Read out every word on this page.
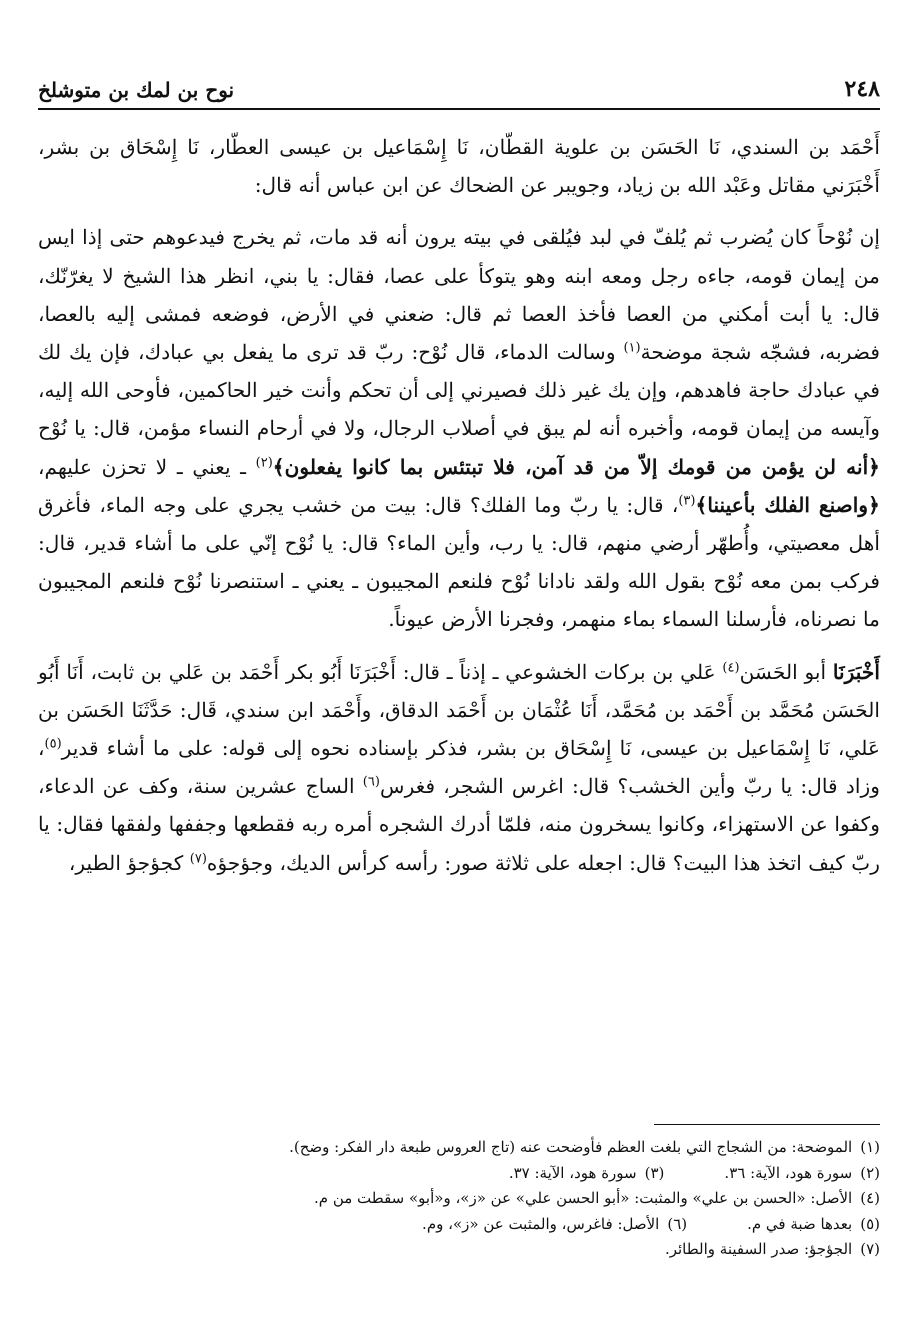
٢٤٨
نوح بن لمك بن متوشلخ
أَحْمَد بن السندي، نَا الحَسَن بن علوية القطّان، نَا إِسْمَاعيل بن عيسى العطّار، نَا إِسْحَاق بن بشر، أَخْبَرَني مقاتل وعَبْد الله بن زياد، وجويبر عن الضحاك عن ابن عباس أنه قال:
إن نُوْحاً كان يُضرب ثم يُلفّ في لبد فيُلقى في بيته يرون أنه قد مات، ثم يخرج فيدعوهم حتى إذا ايس من إيمان قومه، جاءه رجل ومعه ابنه وهو يتوكأ على عصا، فقال: يا بني، انظر هذا الشيخ لا يغرّنّك، قال: يا أبت أمكني من العصا فأخذ العصا ثم قال: ضعني في الأرض، فوضعه فمشى إليه بالعصا، فضربه، فشجّه شجة موضحة$^{(١)}$ وسالت الدماء، قال نُوْح: ربّ قد ترى ما يفعل بي عبادك، فإن يك لك في عبادك حاجة فاهدهم، وإن يك غير ذلك فصيرني إلى أن تحكم وأنت خير الحاكمين، فأوحى الله إليه، وآيسه من إيمان قومه، وأخبره أنه لم يبق في أصلاب الرجال، ولا في أرحام النساء مؤمن، قال: يا نُوْح ﴿أنه لن يؤمن من قومك إلاّ من قد آمن، فلا تبتئس بما كانوا يفعلون﴾$^{(٢)}$ ـ يعني ـ لا تحزن عليهم، ﴿واصنع الفلك بأعيننا﴾$^{(٣)}$، قال: يا ربّ وما الفلك؟ قال: بيت من خشب يجري على وجه الماء، فأغرق أهل معصيتي، وأُطهّر أرضي منهم، قال: يا رب، وأين الماء؟ قال: يا نُوْح إنّي على ما أشاء قدير، قال: فركب بمن معه نُوْح بقول الله ولقد نادانا نُوْح فلنعم المجيبون ـ يعني ـ استنصرنا نُوْح فلنعم المجيبون ما نصرناه، فأرسلنا السماء بماء منهمر، وفجرنا الأرض عيوناً.
أَخْبَرَنَا أبو الحَسَن$^{(٤)}$ عَلي بن بركات الخشوعي ـ إذناً ـ قال: أَخْبَرَنَا أَبُو بكر أَحْمَد بن عَلي بن ثابت، أَنَا أَبُو الحَسَن مُحَمَّد بن أَحْمَد بن مُحَمَّد، أَنَا عُثْمَان بن أَحْمَد الدقاق، وأَحْمَد ابن سندي، قَال: حَدَّثَنَا الحَسَن بن عَلي، نَا إِسْمَاعيل بن عيسى، نَا إِسْحَاق بن بشر، فذكر بإسناده نحوه إلى قوله: على ما أشاء قدير$^{(٥)}$، وزاد قال: يا ربّ وأين الخشب؟ قال: اغرس الشجر، فغرس$^{(٦)}$ الساج عشرين سنة، وكف عن الدعاء، وكفوا عن الاستهزاء، وكانوا يسخرون منه، فلمّا أدرك الشجره أمره ربه فقطعها وجففها ولفقها فقال: يا ربّ كيف اتخذ هذا البيت؟ قال: اجعله على ثلاثة صور: رأسه كرأس الديك، وجؤجؤه$^{(٧)}$ كجؤجؤ الطير،
(١)
الموضحة: من الشجاج التي بلغت العظم فأوضحت عنه (تاج العروس طبعة دار الفكر: وضح).
(٢)
سورة هود، الآية: ٣٦.
(٣)
سورة هود، الآية: ٣٧.
(٤)
الأصل: «الحسن بن علي» والمثبت: «أبو الحسن علي» عن «ز»، و«أبو» سقطت من م.
(٥)
بعدها ضبة في م.
(٦)
الأصل: فاغرس، والمثبت عن «ز»، وم.
(٧)
الجؤجؤ: صدر السفينة والطائر.
